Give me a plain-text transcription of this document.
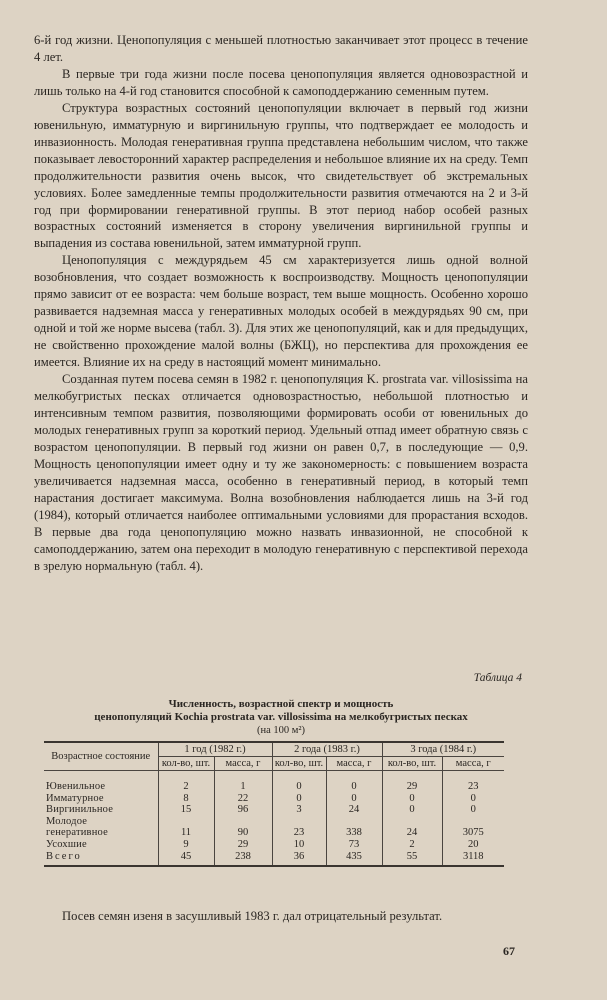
6-й год жизни. Ценопопуляция с меньшей плотностью заканчивает этот процесс в течение 4 лет.

В первые три года жизни после посева ценопопуляция является одновозрастной и лишь только на 4-й год становится способной к самоподдержанию семенным путем.

Структура возрастных состояний ценопопуляции включает в первый год жизни ювенильную, имматурную и виргинильную группы, что подтверждает ее молодость и инвазионность. Молодая генеративная группа представлена небольшим числом, что также показывает левосторонний характер распределения и небольшое влияние их на среду. Темп продолжительности развития очень высок, что свидетельствует об экстремальных условиях. Более замедленные темпы продолжительности развития отмечаются на 2 и 3-й год при формировании генеративной группы. В этот период набор особей разных возрастных состояний изменяется в сторону увеличения виргинильной группы и выпадения из состава ювенильной, затем имматурной групп.

Ценопопуляция с междурядьем 45 см характеризуется лишь одной волной возобновления, что создает возможность к воспроизводству. Мощность ценопопуляции прямо зависит от ее возраста: чем больше возраст, тем выше мощность. Особенно хорошо развивается надземная масса у генеративных молодых особей в междурядьях 90 см, при одной и той же норме высева (табл. 3). Для этих же ценопопуляций, как и для предыдущих, не свойственно прохождение малой волны (БЖЦ), но перспектива для прохождения ее имеется. Влияние их на среду в настоящий момент минимально.

Созданная путем посева семян в 1982 г. ценопопуляция K. prostrata var. villosissima на мелкобугристых песках отличается одновозрастностью, небольшой плотностью и интенсивным темпом развития, позволяющими формировать особи от ювенильных до молодых генеративных групп за короткий период. Удельный отпад имеет обратную связь с возрастом ценопопуляции. В первый год жизни он равен 0,7, в последующие — 0,9. Мощность ценопопуляции имеет одну и ту же закономерность: с повышением возраста увеличивается надземная масса, особенно в генеративный период, в который темп нарастания достигает максимума. Волна возобновления наблюдается лишь на 3-й год (1984), который отличается наиболее оптимальными условиями для прорастания всходов. В первые два года ценопопуляцию можно назвать инвазионной, не способной к самоподдержанию, затем она переходит в молодую генеративную с перспективой перехода в зрелую нормальную (табл. 4).

Таблица 4
Численность, возрастной спектр и мощность
ценопопуляций Kochia prostrata var. villosissima на мелкобугристых песках
(на 100 м²)
Возрастное состояние	1 год (1982 г.)		2 года (1983 г.)		3 года (1984 г.)	
	кол-во, шт.	масса, г	кол-во, шт.	масса, г	кол-во, шт.	масса, г
Ювенильное	2	1	0	0	29	23
Имматурное	8	22	0	0	0	0
Виргинильное	15	96	3	24	0	0
Молодое						
генеративное	11	90	23	338	24	3075
Усохшие	9	29	10	73	2	20
Всего	45	238	36	435	55	3118

Посев семян изеня в засушливый 1983 г. дал отрицательный результат.

67
